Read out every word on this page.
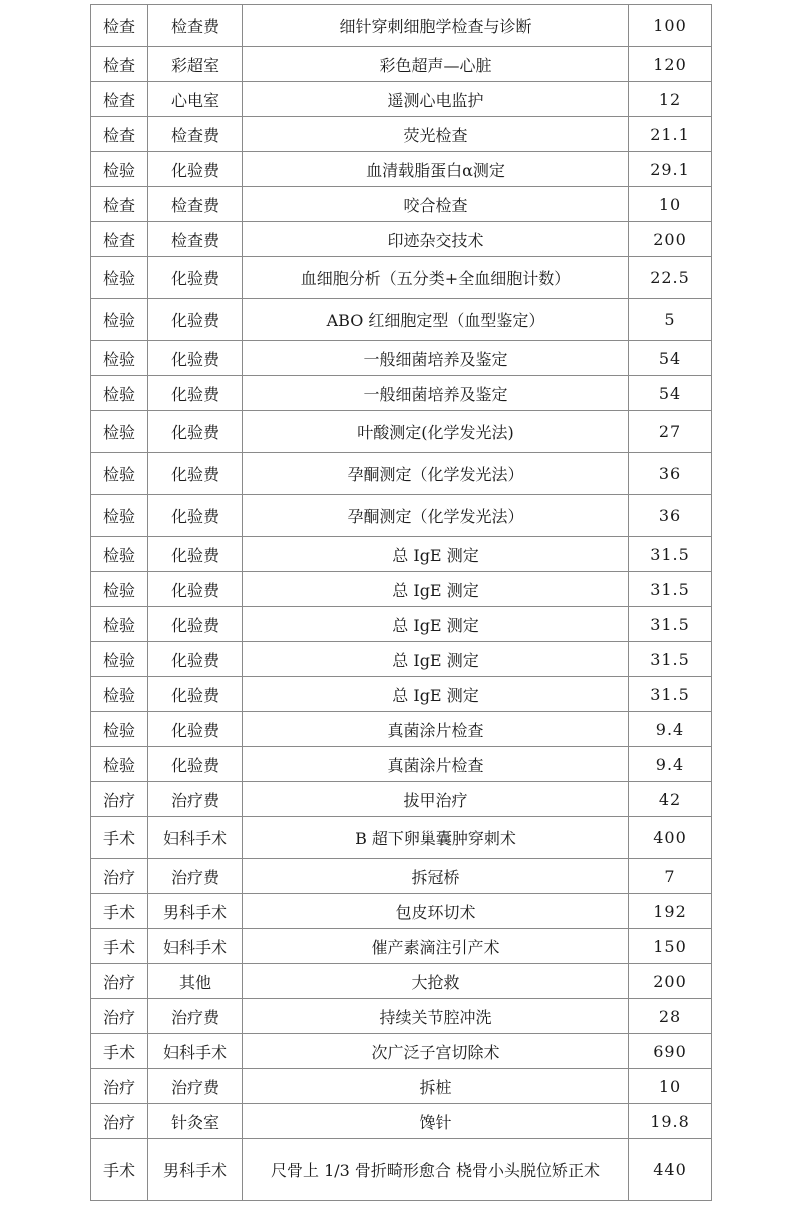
检查	检查费	细针穿刺细胞学检查与诊断	100
检查	彩超室	彩色超声—心脏	120
检查	心电室	遥测心电监护	12
检查	检查费	荧光检查	21.1
检验	化验费	血清载脂蛋白α测定	29.1
检查	检查费	咬合检查	10
检查	检查费	印迹杂交技术	200
检验	化验费	血细胞分析（五分类+全血细胞计数）	22.5
检验	化验费	ABO 红细胞定型（血型鉴定）	5
检验	化验费	一般细菌培养及鉴定	54
检验	化验费	一般细菌培养及鉴定	54
检验	化验费	叶酸测定(化学发光法)	27
检验	化验费	孕酮测定（化学发光法）	36
检验	化验费	孕酮测定（化学发光法）	36
检验	化验费	总 IgE 测定	31.5
检验	化验费	总 IgE 测定	31.5
检验	化验费	总 IgE 测定	31.5
检验	化验费	总 IgE 测定	31.5
检验	化验费	总 IgE 测定	31.5
检验	化验费	真菌涂片检查	9.4
检验	化验费	真菌涂片检查	9.4
治疗	治疗费	拔甲治疗	42
手术	妇科手术	B 超下卵巢囊肿穿刺术	400
治疗	治疗费	拆冠桥	7
手术	男科手术	包皮环切术	192
手术	妇科手术	催产素滴注引产术	150
治疗	其他	大抢救	200
治疗	治疗费	持续关节腔冲洗	28
手术	妇科手术	次广泛子宫切除术	690
治疗	治疗费	拆桩	10
治疗	针灸室	馋针	19.8
手术	男科手术	尺骨上 1/3 骨折畸形愈合 桡骨小头脱位矫正术	440
